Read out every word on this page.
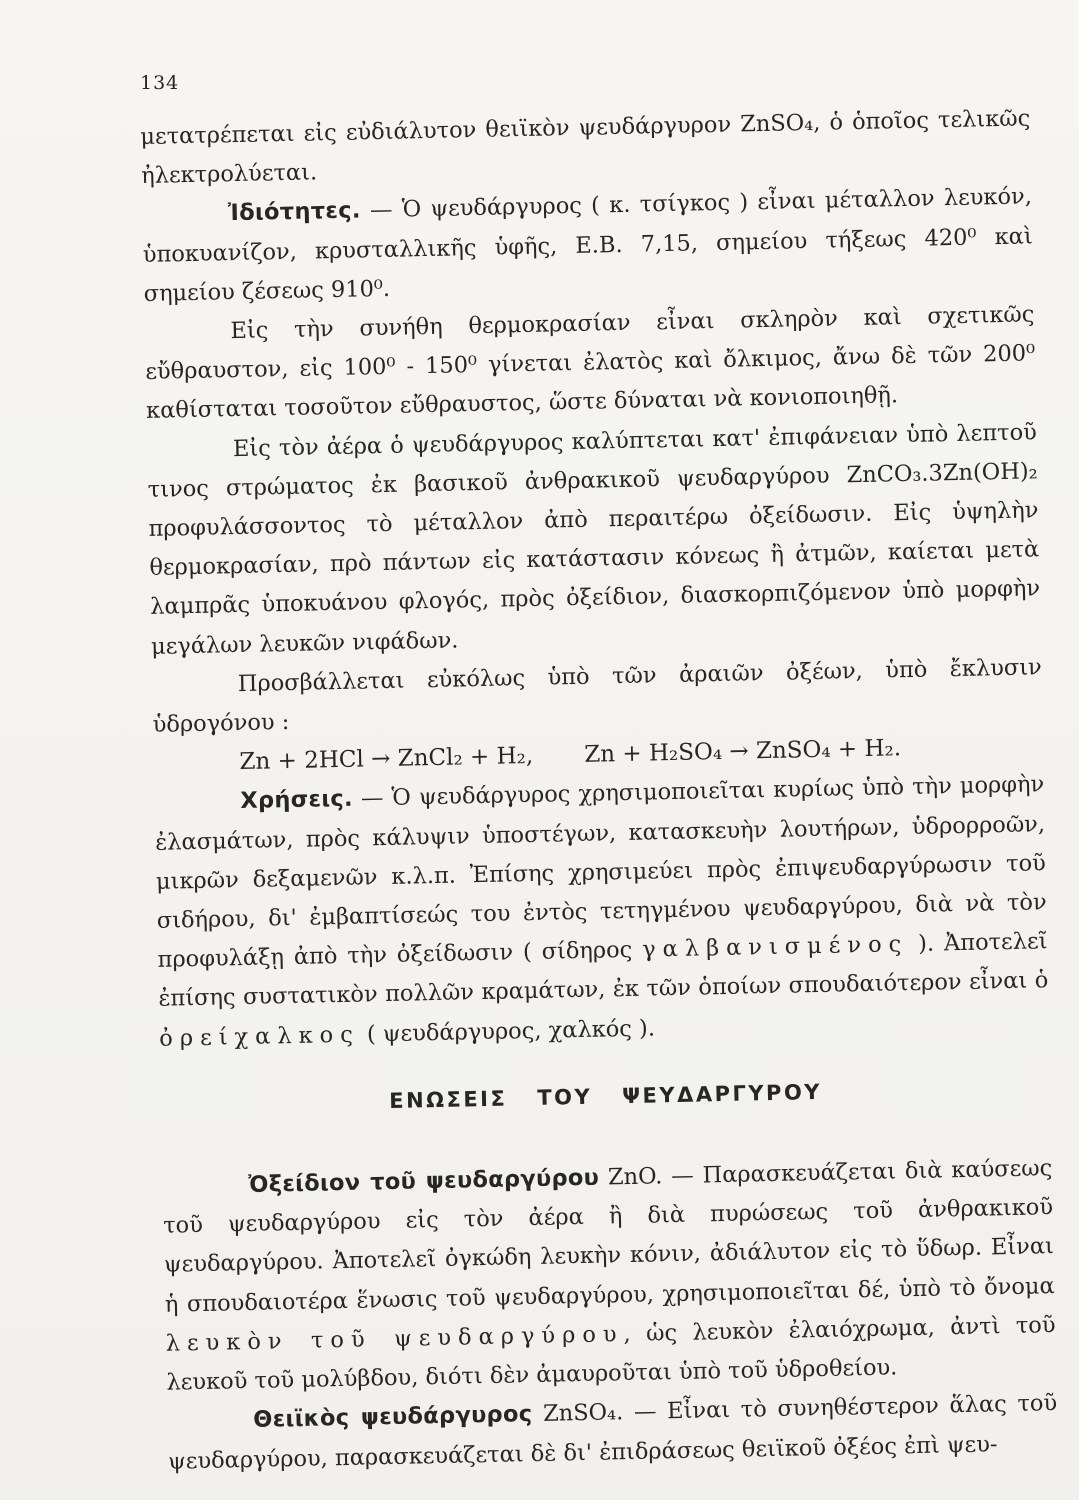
134

μετατρέπεται εἰς εὐδιάλυτον θειϊκὸν ψευδάργυρον ZnSO₄, ὁ ὁποῖος τελικῶς ἠλεκτρολύεται.

Ἰδιότητες. — Ὁ ψευδάργυρος ( κ. τσίγκος ) εἶναι μέταλλον λευκόν, ὑποκυανίζον, κρυσταλλικῆς ὑφῆς, Ε.Β. 7,15, σημείου τήξεως 420⁰ καὶ σημείου ζέσεως 910⁰.

Εἰς τὴν συνήθη θερμοκρασίαν εἶναι σκληρὸν καὶ σχετικῶς εὔθραυστον, εἰς 100⁰ - 150⁰ γίνεται ἐλατὸς καὶ ὄλκιμος, ἄνω δὲ τῶν 200⁰ καθίσταται τοσοῦτον εὔθραυστος, ὥστε δύναται νὰ κονιοποιηθῇ.

Εἰς τὸν ἀέρα ὁ ψευδάργυρος καλύπτεται κατ' ἐπιφάνειαν ὑπὸ λεπτοῦ τινος στρώματος ἐκ βασικοῦ ἀνθρακικοῦ ψευδαργύρου ZnCO₃.3Zn(OH)₂ προφυλάσσοντος τὸ μέταλλον ἀπὸ περαιτέρω ὀξείδωσιν. Εἰς ὑψηλὴν θερμοκρασίαν, πρὸ πάντων εἰς κατάστασιν κόνεως ἢ ἀτμῶν, καίεται μετὰ λαμπρᾶς ὑποκυάνου φλογός, πρὸς ὀξείδιον, διασκορπιζόμενον ὑπὸ μορφὴν μεγάλων λευκῶν νιφάδων.

Προσβάλλεται εὐκόλως ὑπὸ τῶν ἀραιῶν ὀξέων, ὑπὸ ἔκλυσιν ὑδρογόνου :

Zn + 2HCl → ZnCl₂ + H₂, Zn + H₂SO₄ → ZnSO₄ + H₂.

Χρήσεις. — Ὁ ψευδάργυρος χρησιμοποιεῖται κυρίως ὑπὸ τὴν μορφὴν ἐλασμάτων, πρὸς κάλυψιν ὑποστέγων, κατασκευὴν λουτήρων, ὑδρορροῶν, μικρῶν δεξαμενῶν κ.λ.π. Ἐπίσης χρησιμεύει πρὸς ἐπιψευδαργύρωσιν τοῦ σιδήρου, δι' ἐμβαπτίσεώς του ἐντὸς τετηγμένου ψευδαργύρου, διὰ νὰ τὸν προφυλάξῃ ἀπὸ τὴν ὀξείδωσιν ( σίδηρος γαλβανισμένος ). Ἀποτελεῖ ἐπίσης συστατικὸν πολλῶν κραμάτων, ἐκ τῶν ὁποίων σπουδαιότερον εἶναι ὁ ὀρείχαλκος ( ψευδάργυρος, χαλκός ).

ΕΝΩΣΕΙΣ ΤΟΥ ΨΕΥΔΑΡΓΥΡΟΥ

Ὀξείδιον τοῦ ψευδαργύρου ZnO. — Παρασκευάζεται διὰ καύσεως τοῦ ψευδαργύρου εἰς τὸν ἀέρα ἢ διὰ πυρώσεως τοῦ ἀνθρακικοῦ ψευδαργύρου. Ἀποτελεῖ ὀγκώδη λευκὴν κόνιν, ἀδιάλυτον εἰς τὸ ὕδωρ. Εἶναι ἡ σπουδαιοτέρα ἕνωσις τοῦ ψευδαργύρου, χρησιμοποιεῖται δέ, ὑπὸ τὸ ὄνομα λευκὸν τοῦ ψευδαργύρου, ὡς λευκὸν ἐλαιόχρωμα, ἀντὶ τοῦ λευκοῦ τοῦ μολύβδου, διότι δὲν ἀμαυροῦται ὑπὸ τοῦ ὑδροθείου.

Θειϊκὸς ψευδάργυρος ZnSO₄. — Εἶναι τὸ συνηθέστερον ἅλας τοῦ ψευδαργύρου, παρασκευάζεται δὲ δι' ἐπιδράσεως θειϊκοῦ ὀξέος ἐπὶ ψευ-
